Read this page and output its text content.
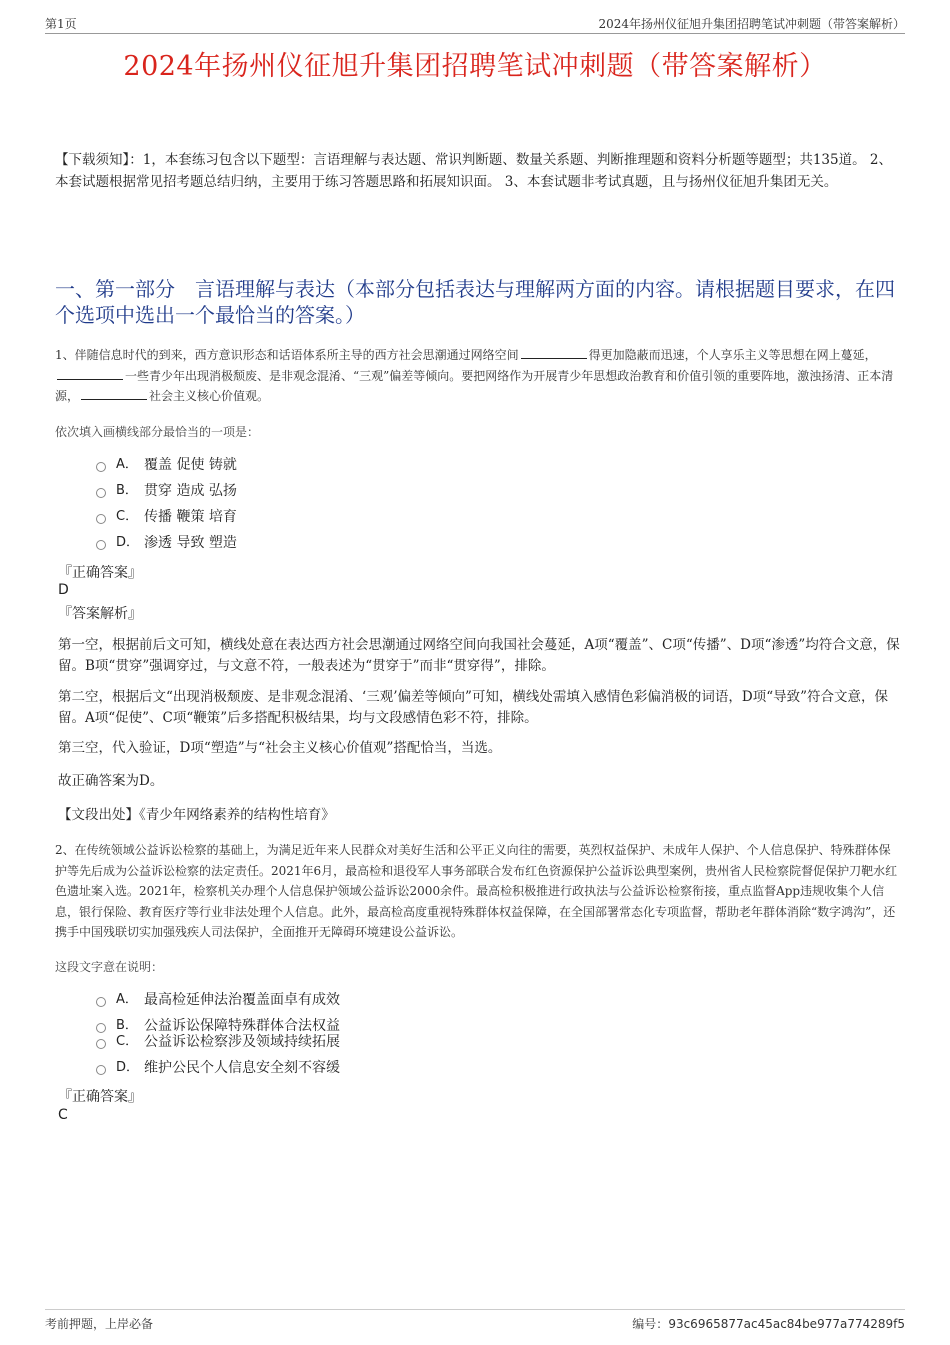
第1页	2024年扬州仪征旭升集团招聘笔试冲刺题（带答案解析）
2024年扬州仪征旭升集团招聘笔试冲刺题（带答案解析）

【下载须知】：1，本套练习包含以下题型：言语理解与表达题、常识判断题、数量关系题、判断推理题和资料分析题等题型；共135道。 2、本套试题根据常见招考题总结归纳，主要用于练习答题思路和拓展知识面。 3、本套试题非考试真题，且与扬州仪征旭升集团无关。

一、第一部分　言语理解与表达（本部分包括表达与理解两方面的内容。请根据题目要求，在四个选项中选出一个最恰当的答案。）

1、伴随信息时代的到来，西方意识形态和话语体系所主导的西方社会思潮通过网络空间	得更加隐蔽而迅速，个人享乐主义等思想在网上蔓延，一些青少年出现消极颓废、是非观念混淆、“三观”偏差等倾向。要把网络作为开展青少年思想政治教育和价值引领的重要阵地，激浊扬清、正本清源，	社会主义核心价值观。

依次填入画横线部分最恰当的一项是：
A． 覆盖 促使 铸就
B． 贯穿 造成 弘扬
C． 传播 鞭策 培育
D． 渗透 导致 塑造
『正确答案』
D
『答案解析』

第一空，根据前后文可知，横线处意在表达西方社会思潮通过网络空间向我国社会蔓延，A项“覆盖”、C项“传播”、D项“渗透”均符合文意，保留。B项“贯穿”强调穿过，与文意不符，一般表述为“贯穿于”而非“贯穿得”，排除。

第二空，根据后文“出现消极颓废、是非观念混淆、‘三观’偏差等倾向”可知，横线处需填入感情色彩偏消极的词语，D项“导致”符合文意，保留。A项“促使”、C项“鞭策”后多搭配积极结果，均与文段感情色彩不符，排除。

第三空，代入验证，D项“塑造”与“社会主义核心价值观”搭配恰当，当选。

故正确答案为D。

【文段出处】《青少年网络素养的结构性培育》

2、在传统领域公益诉讼检察的基础上，为满足近年来人民群众对美好生活和公平正义向往的需要，英烈权益保护、未成年人保护、个人信息保护、特殊群体保护等先后成为公益诉讼检察的法定责任。2021年6月，最高检和退役军人事务部联合发布红色资源保护公益诉讼典型案例，贵州省人民检察院督促保护刀靶水红色遗址案入选。2021年，检察机关办理个人信息保护领域公益诉讼2000余件。最高检积极推进行政执法与公益诉讼检察衔接，重点监督App违规收集个人信息，银行保险、教育医疗等行业非法处理个人信息。此外，最高检高度重视特殊群体权益保障，在全国部署常态化专项监督，帮助老年群体消除“数字鸿沟”，还携手中国残联切实加强残疾人司法保护，全面推开无障碍环境建设公益诉讼。

这段文字意在说明：
A． 最高检延伸法治覆盖面卓有成效
B． 公益诉讼保障特殊群体合法权益
C． 公益诉讼检察涉及领域持续拓展
D． 维护公民个人信息安全刻不容缓
『正确答案』
C
考前押题，上岸必备	编号：93c6965877ac45ac84be977a774289f5
